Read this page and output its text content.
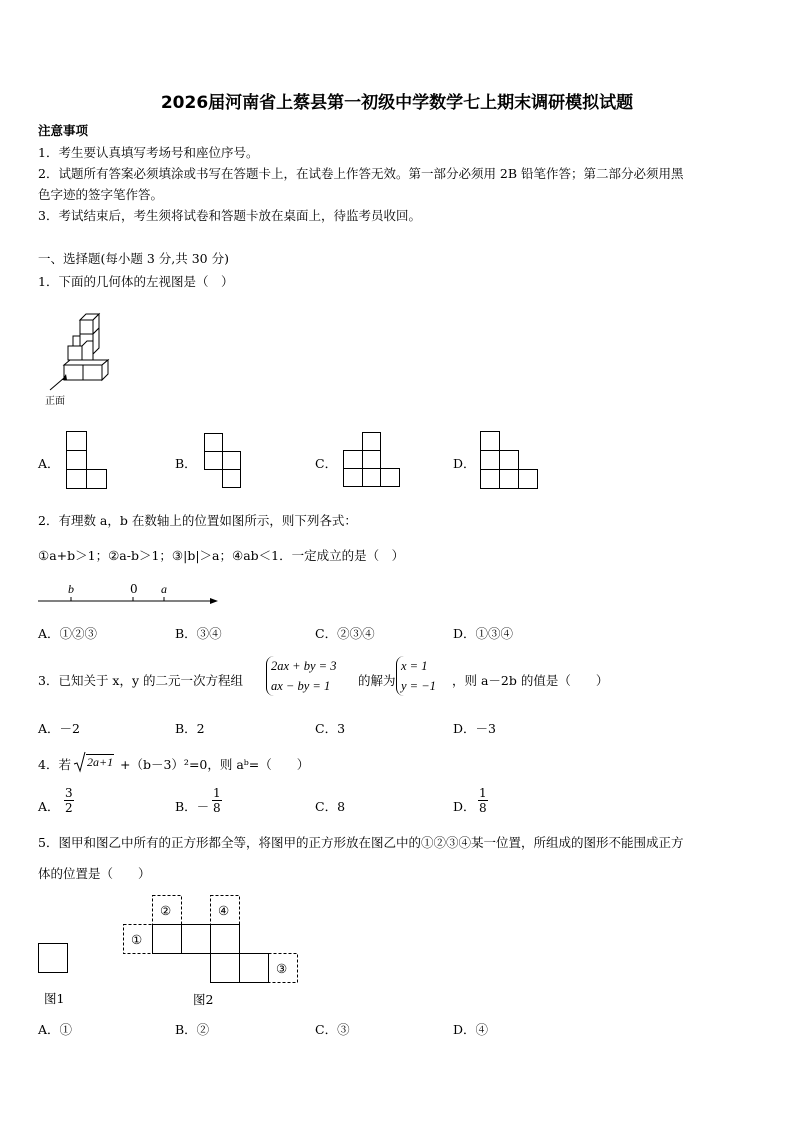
2026届河南省上蔡县第一初级中学数学七上期末调研模拟试题
注意事项
1．考生要认真填写考场号和座位序号。
2．试题所有答案必须填涂或书写在答题卡上，在试卷上作答无效。第一部分必须用 2B 铅笔作答；第二部分必须用黑
色字迹的签字笔作答。
3．考试结束后，考生须将试卷和答题卡放在桌面上，待监考员收回。
一、选择题(每小题 3 分,共 30 分)
1．下面的几何体的左视图是（　）
正面
A．	B．	C．	D．
2．有理数 a，b 在数轴上的位置如图所示，则下列各式：
①a+b＞1；②a-b＞1；③|b|＞a；④ab＜1．一定成立的是（　）
b	0 a
A．①②③	B．③④	C．②③④	D．①③④
3．已知关于 x，y 的二元一次方程组
2ax + by = 3
ax − by = 1	的解为
x = 1
y = −1 ，则 a－2b 的值是（　　）
A．－2	B．2	C．3	D．－3
4．若 2a+1 +（b－3）²=0，则 aᵇ=（　　）
A． $\frac{3}{2}$	B．－ $\frac{1}{8}$	C．8	D． $\frac{1}{8}$
5．图甲和图乙中所有的正方形都全等，将图甲的正方形放在图乙中的①②③④某一位置，所组成的图形不能围成正方
体的位置是（　　）
图1
①
②
③
④
图2
A．①	B．②	C．③	D．④
